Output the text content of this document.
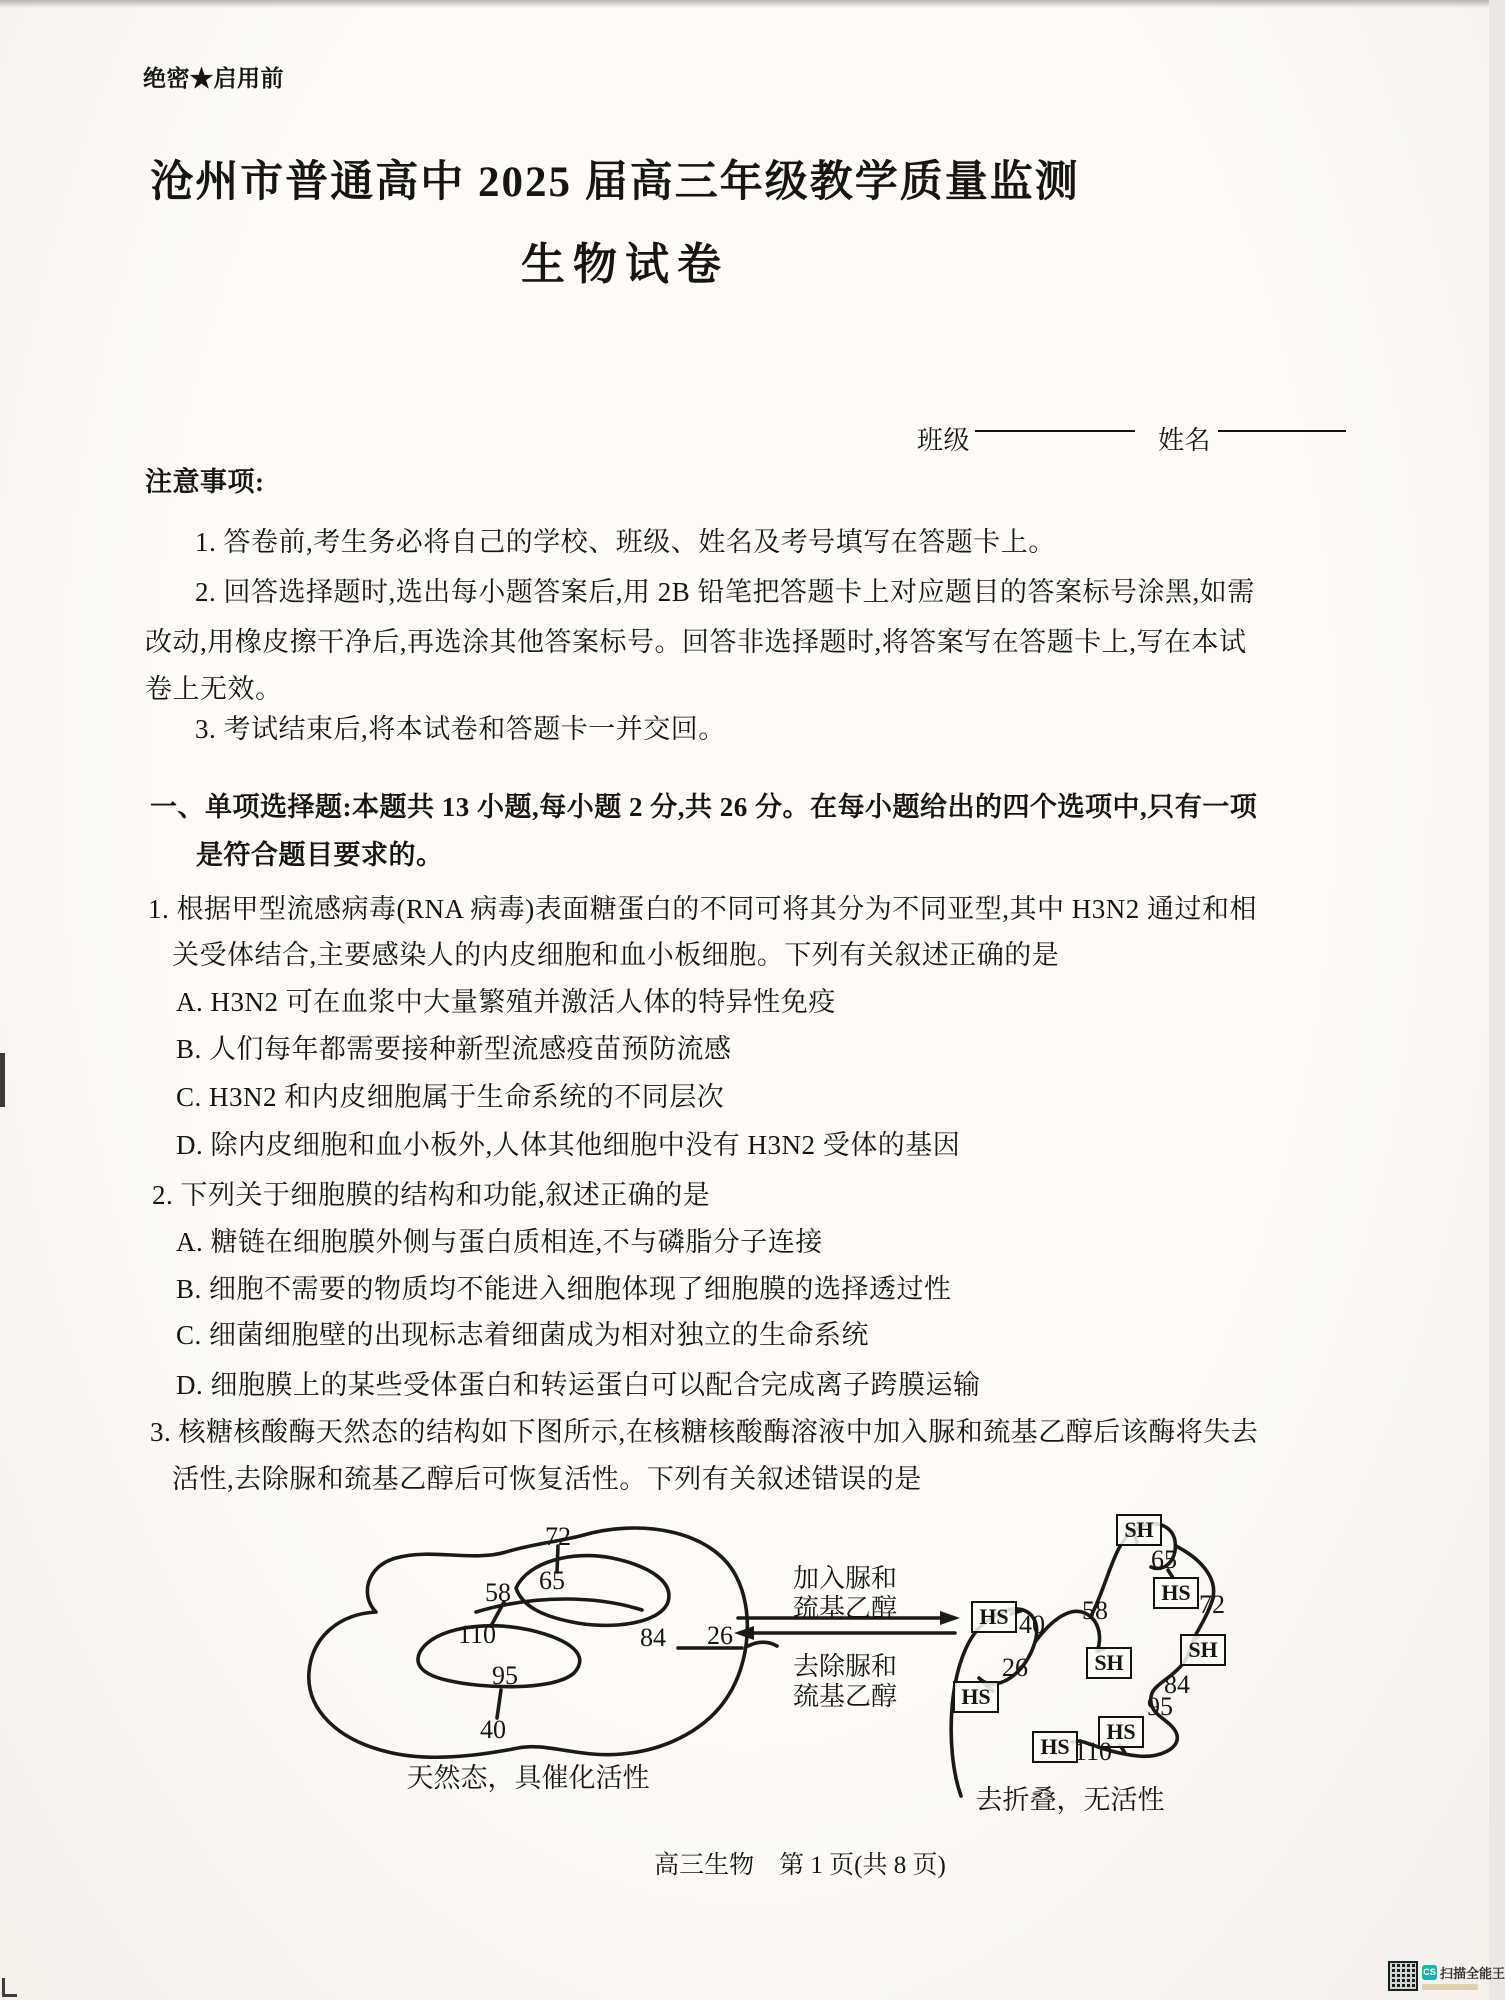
绝密★启用前
沧州市普通高中 2025 届高三年级教学质量监测
生物试卷
班级	姓名
注意事项:
1. 答卷前,考生务必将自己的学校、班级、姓名及考号填写在答题卡上。
2. 回答选择题时,选出每小题答案后,用 2B 铅笔把答题卡上对应题目的答案标号涂黑,如需
改动,用橡皮擦干净后,再选涂其他答案标号。回答非选择题时,将答案写在答题卡上,写在本试
卷上无效。
3. 考试结束后,将本试卷和答题卡一并交回。
一、单项选择题:本题共 13 小题,每小题 2 分,共 26 分。在每小题给出的四个选项中,只有一项
是符合题目要求的。
1. 根据甲型流感病毒(RNA 病毒)表面糖蛋白的不同可将其分为不同亚型,其中 H3N2 通过和相
关受体结合,主要感染人的内皮细胞和血小板细胞。下列有关叙述正确的是
A. H3N2 可在血浆中大量繁殖并激活人体的特异性免疫
B. 人们每年都需要接种新型流感疫苗预防流感
C. H3N2 和内皮细胞属于生命系统的不同层次
D. 除内皮细胞和血小板外,人体其他细胞中没有 H3N2 受体的基因
2. 下列关于细胞膜的结构和功能,叙述正确的是
A. 糖链在细胞膜外侧与蛋白质相连,不与磷脂分子连接
B. 细胞不需要的物质均不能进入细胞体现了细胞膜的选择透过性
C. 细菌细胞壁的出现标志着细菌成为相对独立的生命系统
D. 细胞膜上的某些受体蛋白和转运蛋白可以配合完成离子跨膜运输
3. 核糖核酸酶天然态的结构如下图所示,在核糖核酸酶溶液中加入脲和巯基乙醇后该酶将失去
活性,去除脲和巯基乙醇后可恢复活性。下列有关叙述错误的是
72
65
58
110	84 26
95
40
天然态，具催化活性
加入脲和
巯基乙醇
去除脲和
巯基乙醇
SH
HS
SH
SH
HS
HS
HS
HS
40
26
58
65
72
84
95
110
去折叠，无活性
高三生物　第 1 页(共 8 页)
CS 扫描全能王
